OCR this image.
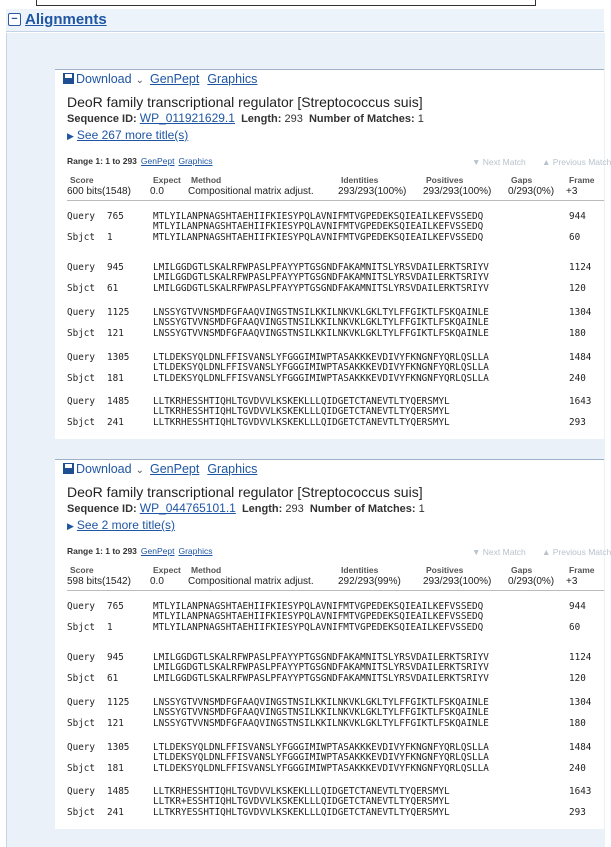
− Alignments
Download ⌄ GenPept Graphics
DeoR family transcriptional regulator [Streptococcus suis]
Sequence ID: WP_011921629.1 Length: 293 Number of Matches: 1
▶ See 267 more title(s)
Range 1: 1 to 293 GenPept Graphics	▼ Next Match ▲ Previous Match
Score	Expect Method	Identities	Positives	Gaps	Frame
600 bits(1548) 0.0 Compositional matrix adjust. 293/293(100%) 293/293(100%) 0/293(0%) +3
Query 765	MTLYILANPNAGSHTAEHIIFKIESYPQLAVNIFMTVGPEDEKSQIEAILKEFVSSEDQ	944
MTLYILANPNAGSHTAEHIIFKIESYPQLAVNIFMTVGPEDEKSQIEAILKEFVSSEDQ
Sbjct 1	MTLYILANPNAGSHTAEHIIFKIESYPQLAVNIFMTVGPEDEKSQIEAILKEFVSSEDQ	60
Query 945	LMILGGDGTLSKALRFWPASLPFAYYPTGSGNDFAKAMNITSLYRSVDAILERKTSRIYV	1124
LMILGGDGTLSKALRFWPASLPFAYYPTGSGNDFAKAMNITSLYRSVDAILERKTSRIYV
Sbjct 61	LMILGGDGTLSKALRFWPASLPFAYYPTGSGNDFAKAMNITSLYRSVDAILERKTSRIYV	120
Query 1125	LNSSYGTVVNSMDFGFAAQVINGSTNSILKKILNKVKLGKLTYLFFGIKTLFSKQAINLE	1304
LNSSYGTVVNSMDFGFAAQVINGSTNSILKKILNKVKLGKLTYLFFGIKTLFSKQAINLE
Sbjct 121	LNSSYGTVVNSMDFGFAAQVINGSTNSILKKILNKVKLGKLTYLFFGIKTLFSKQAINLE	180
Query 1305	LTLDEKSYQLDNLFFISVANSLYFGGGIMIWPTASAKKKEVDIVYFKNGNFYQRLQSLLA	1484
LTLDEKSYQLDNLFFISVANSLYFGGGIMIWPTASAKKKEVDIVYFKNGNFYQRLQSLLA
Sbjct 181	LTLDEKSYQLDNLFFISVANSLYFGGGIMIWPTASAKKKEVDIVYFKNGNFYQRLQSLLA	240
Query 1485	LLTKRHESSHTIQHLTGVDVVLKSKEKLLLQIDGETCTANEVTLTYQERSMYL	1643
LLTKRHESSHTIQHLTGVDVVLKSKEKLLLQIDGETCTANEVTLTYQERSMYL
Sbjct 241	LLTKRHESSHTIQHLTGVDVVLKSKEKLLLQIDGETCTANEVTLTYQERSMYL	293
Download ⌄ GenPept Graphics
DeoR family transcriptional regulator [Streptococcus suis]
Sequence ID: WP_044765101.1 Length: 293 Number of Matches: 1
▶ See 2 more title(s)
Range 1: 1 to 293 GenPept Graphics	▼ Next Match ▲ Previous Match
Score	Expect Method	Identities	Positives	Gaps	Frame
598 bits(1542) 0.0 Compositional matrix adjust. 292/293(99%) 293/293(100%) 0/293(0%) +3
Query 765	MTLYILANPNAGSHTAEHIIFKIESYPQLAVNIFMTVGPEDEKSQIEAILKEFVSSEDQ	944
MTLYILANPNAGSHTAEHIIFKIESYPQLAVNIFMTVGPEDEKSQIEAILKEFVSSEDQ
Sbjct 1	MTLYILANPNAGSHTAEHIIFKIESYPQLAVNIFMTVGPEDEKSQIEAILKEFVSSEDQ	60
Query 945	LMILGGDGTLSKALRFWPASLPFAYYPTGSGNDFAKAMNITSLYRSVDAILERKTSRIYV	1124
LMILGGDGTLSKALRFWPASLPFAYYPTGSGNDFAKAMNITSLYRSVDAILERKTSRIYV
Sbjct 61	LMILGGDGTLSKALRFWPASLPFAYYPTGSGNDFAKAMNITSLYRSVDAILERKTSRIYV	120
Query 1125	LNSSYGTVVNSMDFGFAAQVINGSTNSILKKILNKVKLGKLTYLFFGIKTLFSKQAINLE	1304
LNSSYGTVVNSMDFGFAAQVINGSTNSILKKILNKVKLGKLTYLFFGIKTLFSKQAINLE
Sbjct 121	LNSSYGTVVNSMDFGFAAQVINGSTNSILKKILNKVKLGKLTYLFFGIKTLFSKQAINLE	180
Query 1305	LTLDEKSYQLDNLFFISVANSLYFGGGIMIWPTASAKKKEVDIVYFKNGNFYQRLQSLLA	1484
LTLDEKSYQLDNLFFISVANSLYFGGGIMIWPTASAKKKEVDIVYFKNGNFYQRLQSLLA
Sbjct 181	LTLDEKSYQLDNLFFISVANSLYFGGGIMIWPTASAKKKEVDIVYFKNGNFYQRLQSLLA	240
Query 1485	LLTKRHESSHTIQHLTGVDVVLKSKEKLLLQIDGETCTANEVTLTYQERSMYL	1643
LLTKR+ESSHTIQHLTGVDVVLKSKEKLLLQIDGETCTANEVTLTYQERSMYL
Sbjct 241	LLTKRYESSHTIQHLTGVDVVLKSKEKLLLQIDGETCTANEVTLTYQERSMYL	293
